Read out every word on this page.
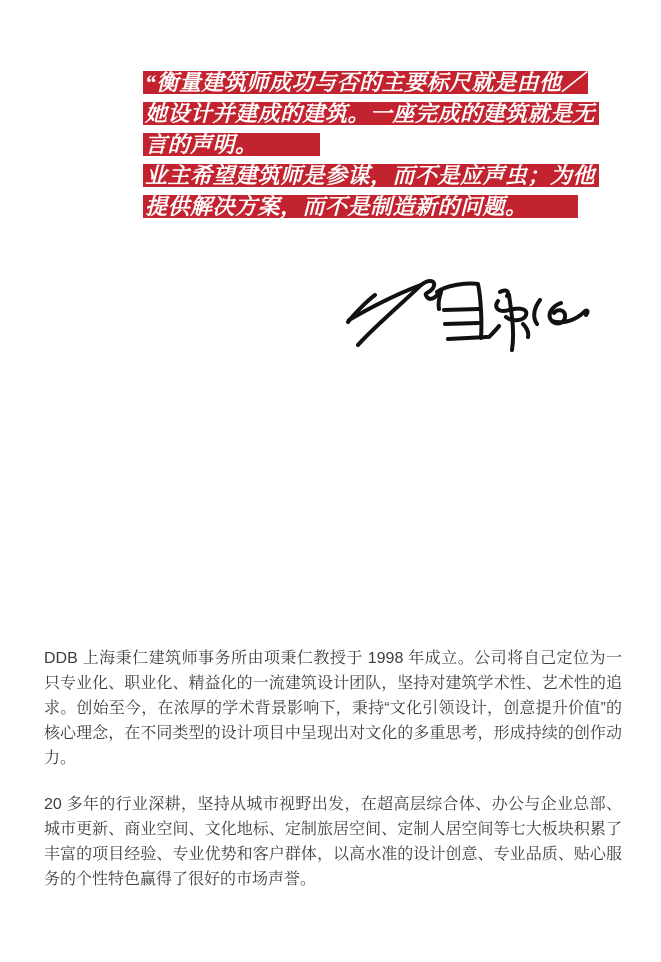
“衡量建筑师成功与否的主要标尺就是由他／
她设计并建成的建筑。一座完成的建筑就是无
言的声明。
业主希望建筑师是参谋，而不是应声虫；为他
提供解决方案，而不是制造新的问题。

DDB 上海秉仁建筑师事务所由项秉仁教授于 1998 年成立。公司将自己定位为一只专业化、职业化、精益化的一流建筑设计团队，坚持对建筑学术性、艺术性的追求。创始至今，在浓厚的学术背景影响下，秉持“文化引领设计，创意提升价值”的核心理念，在不同类型的设计项目中呈现出对文化的多重思考，形成持续的创作动力。

20 多年的行业深耕，坚持从城市视野出发，在超高层综合体、办公与企业总部、城市更新、商业空间、文化地标、定制旅居空间、定制人居空间等七大板块积累了丰富的项目经验、专业优势和客户群体，以高水准的设计创意、专业品质、贴心服务的个性特色赢得了很好的市场声誉。
